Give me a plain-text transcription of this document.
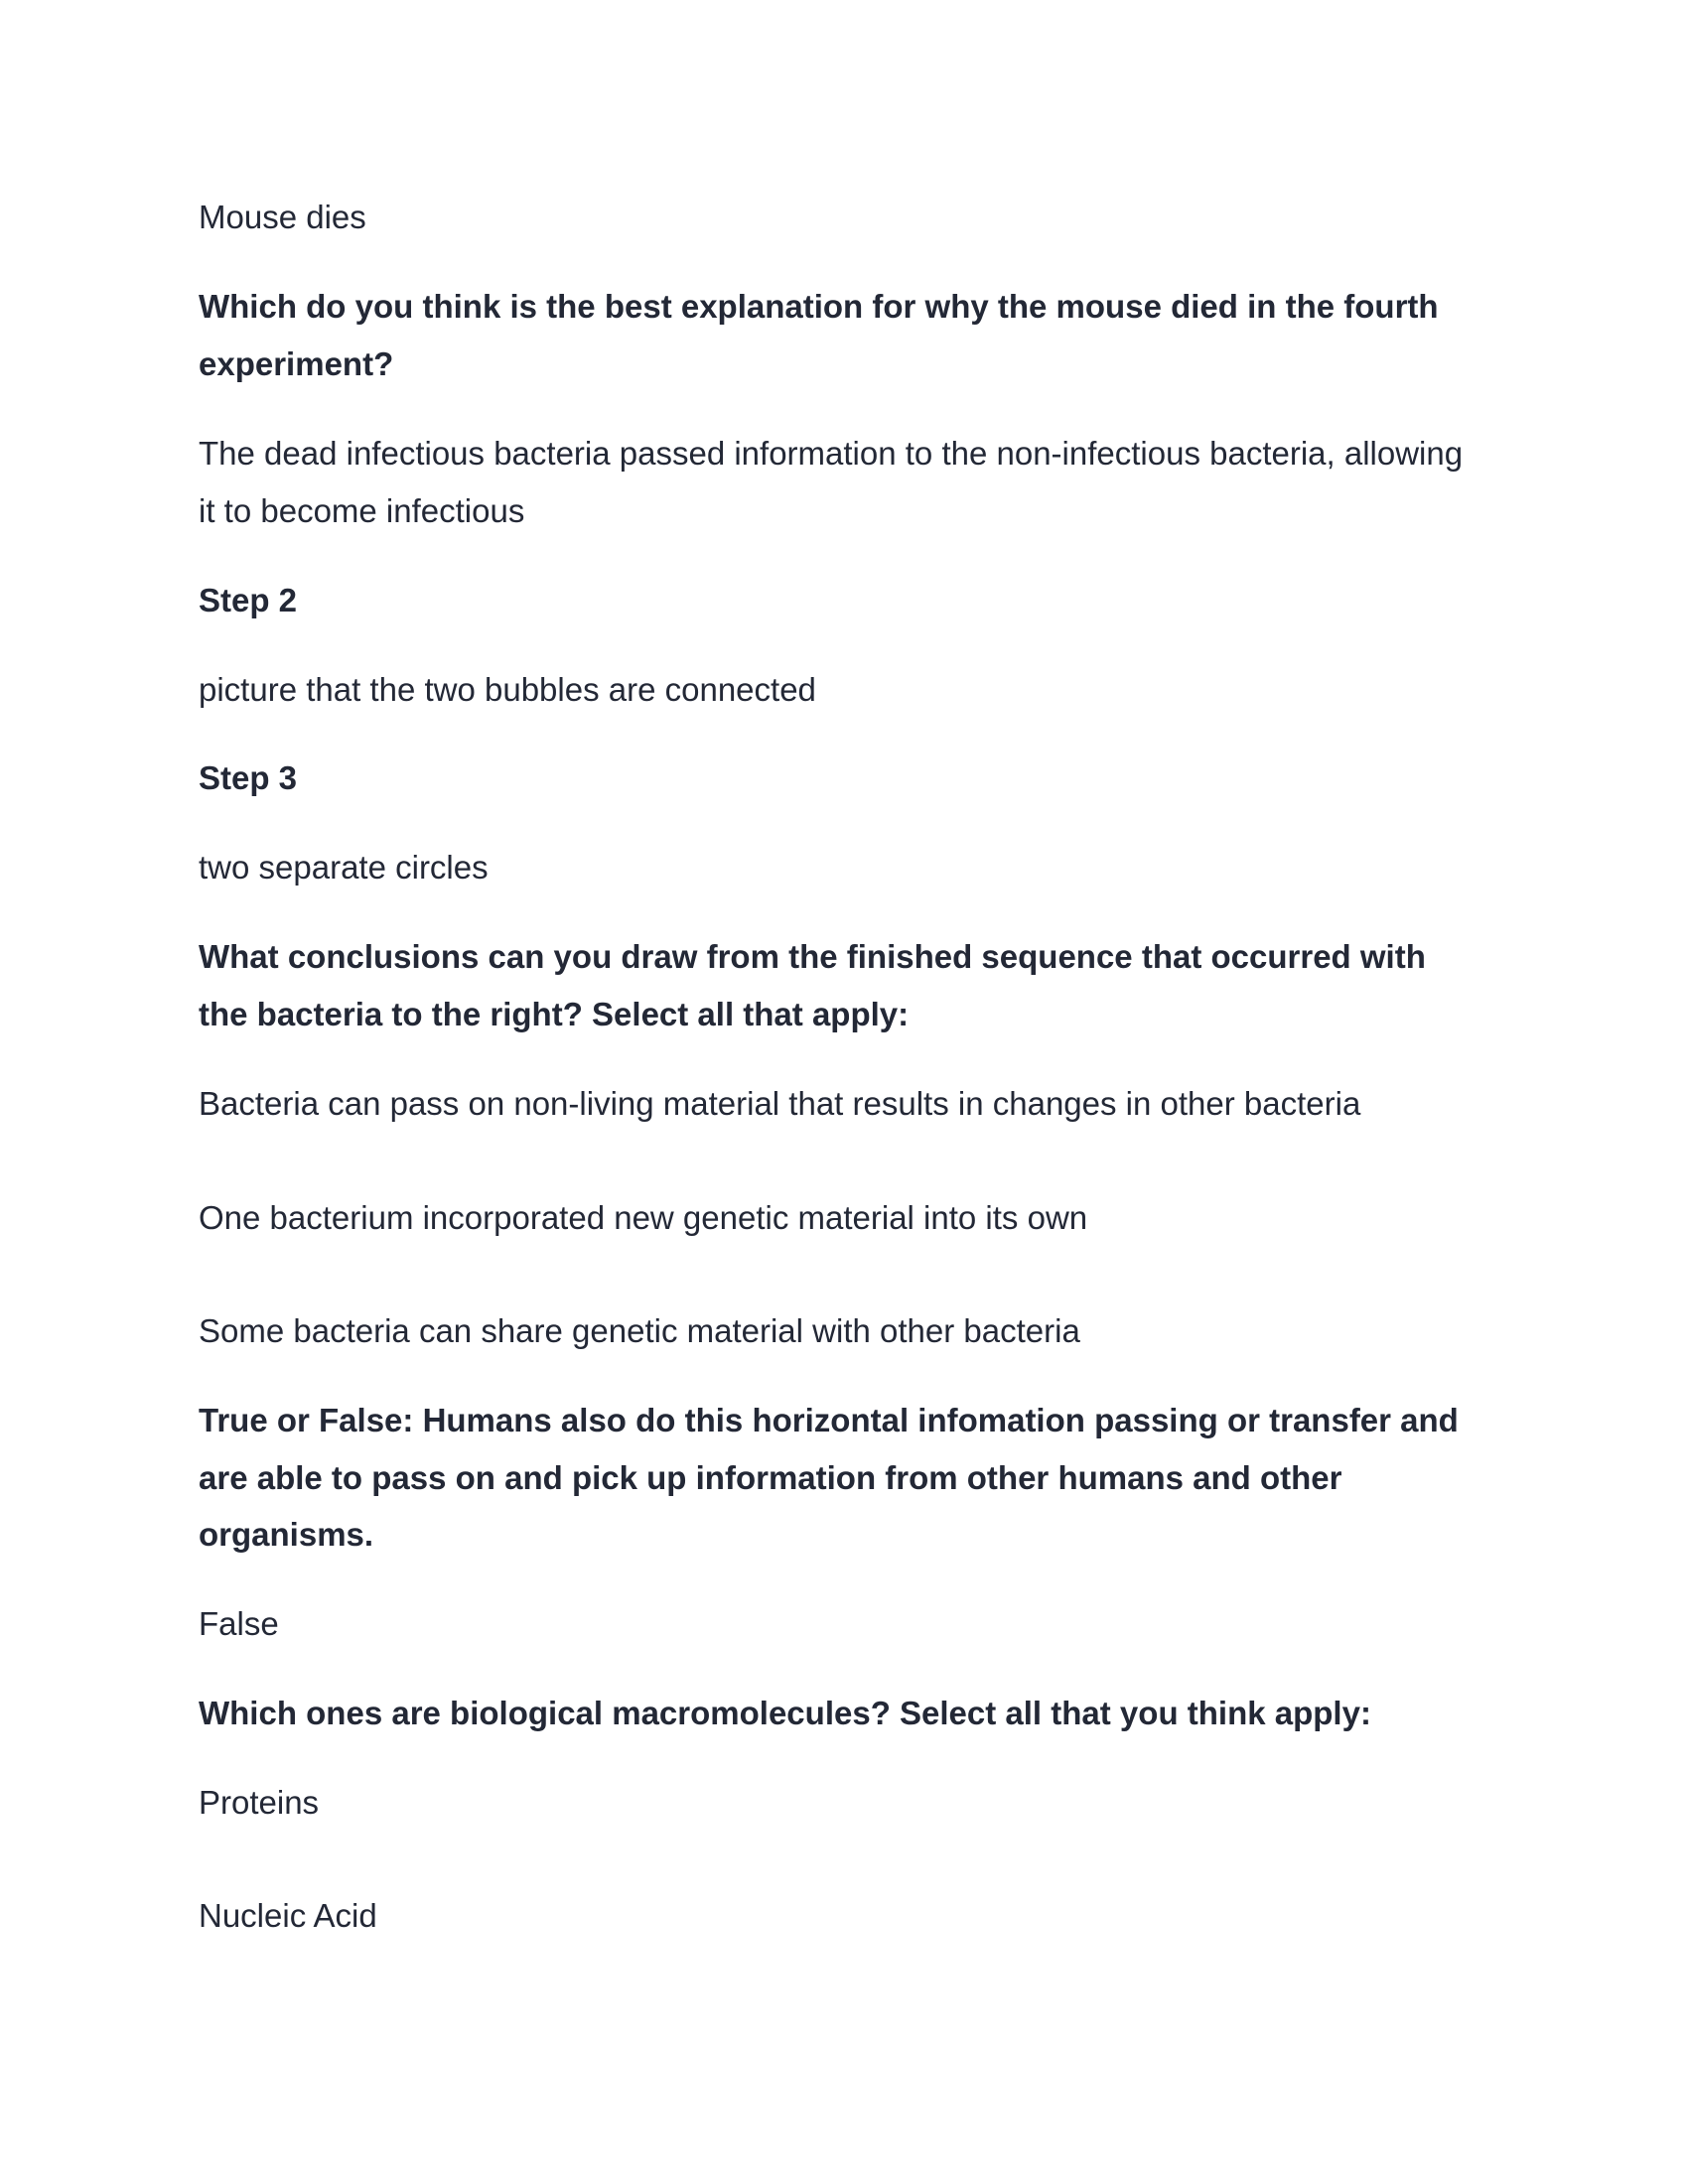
Mouse dies

Which do you think is the best explanation for why the mouse died in the fourth

experiment?

The dead infectious bacteria passed information to the non-infectious bacteria, allowing

it to become infectious

Step 2

picture that the two bubbles are connected

Step 3

two separate circles

What conclusions can you draw from the finished sequence that occurred with

the bacteria to the right? Select all that apply:

Bacteria can pass on non-living material that results in changes in other bacteria

One bacterium incorporated new genetic material into its own

Some bacteria can share genetic material with other bacteria

True or False: Humans also do this horizontal infomation passing or transfer and

are able to pass on and pick up information from other humans and other

organisms.

False

Which ones are biological macromolecules? Select all that you think apply:

Proteins

Nucleic Acid
